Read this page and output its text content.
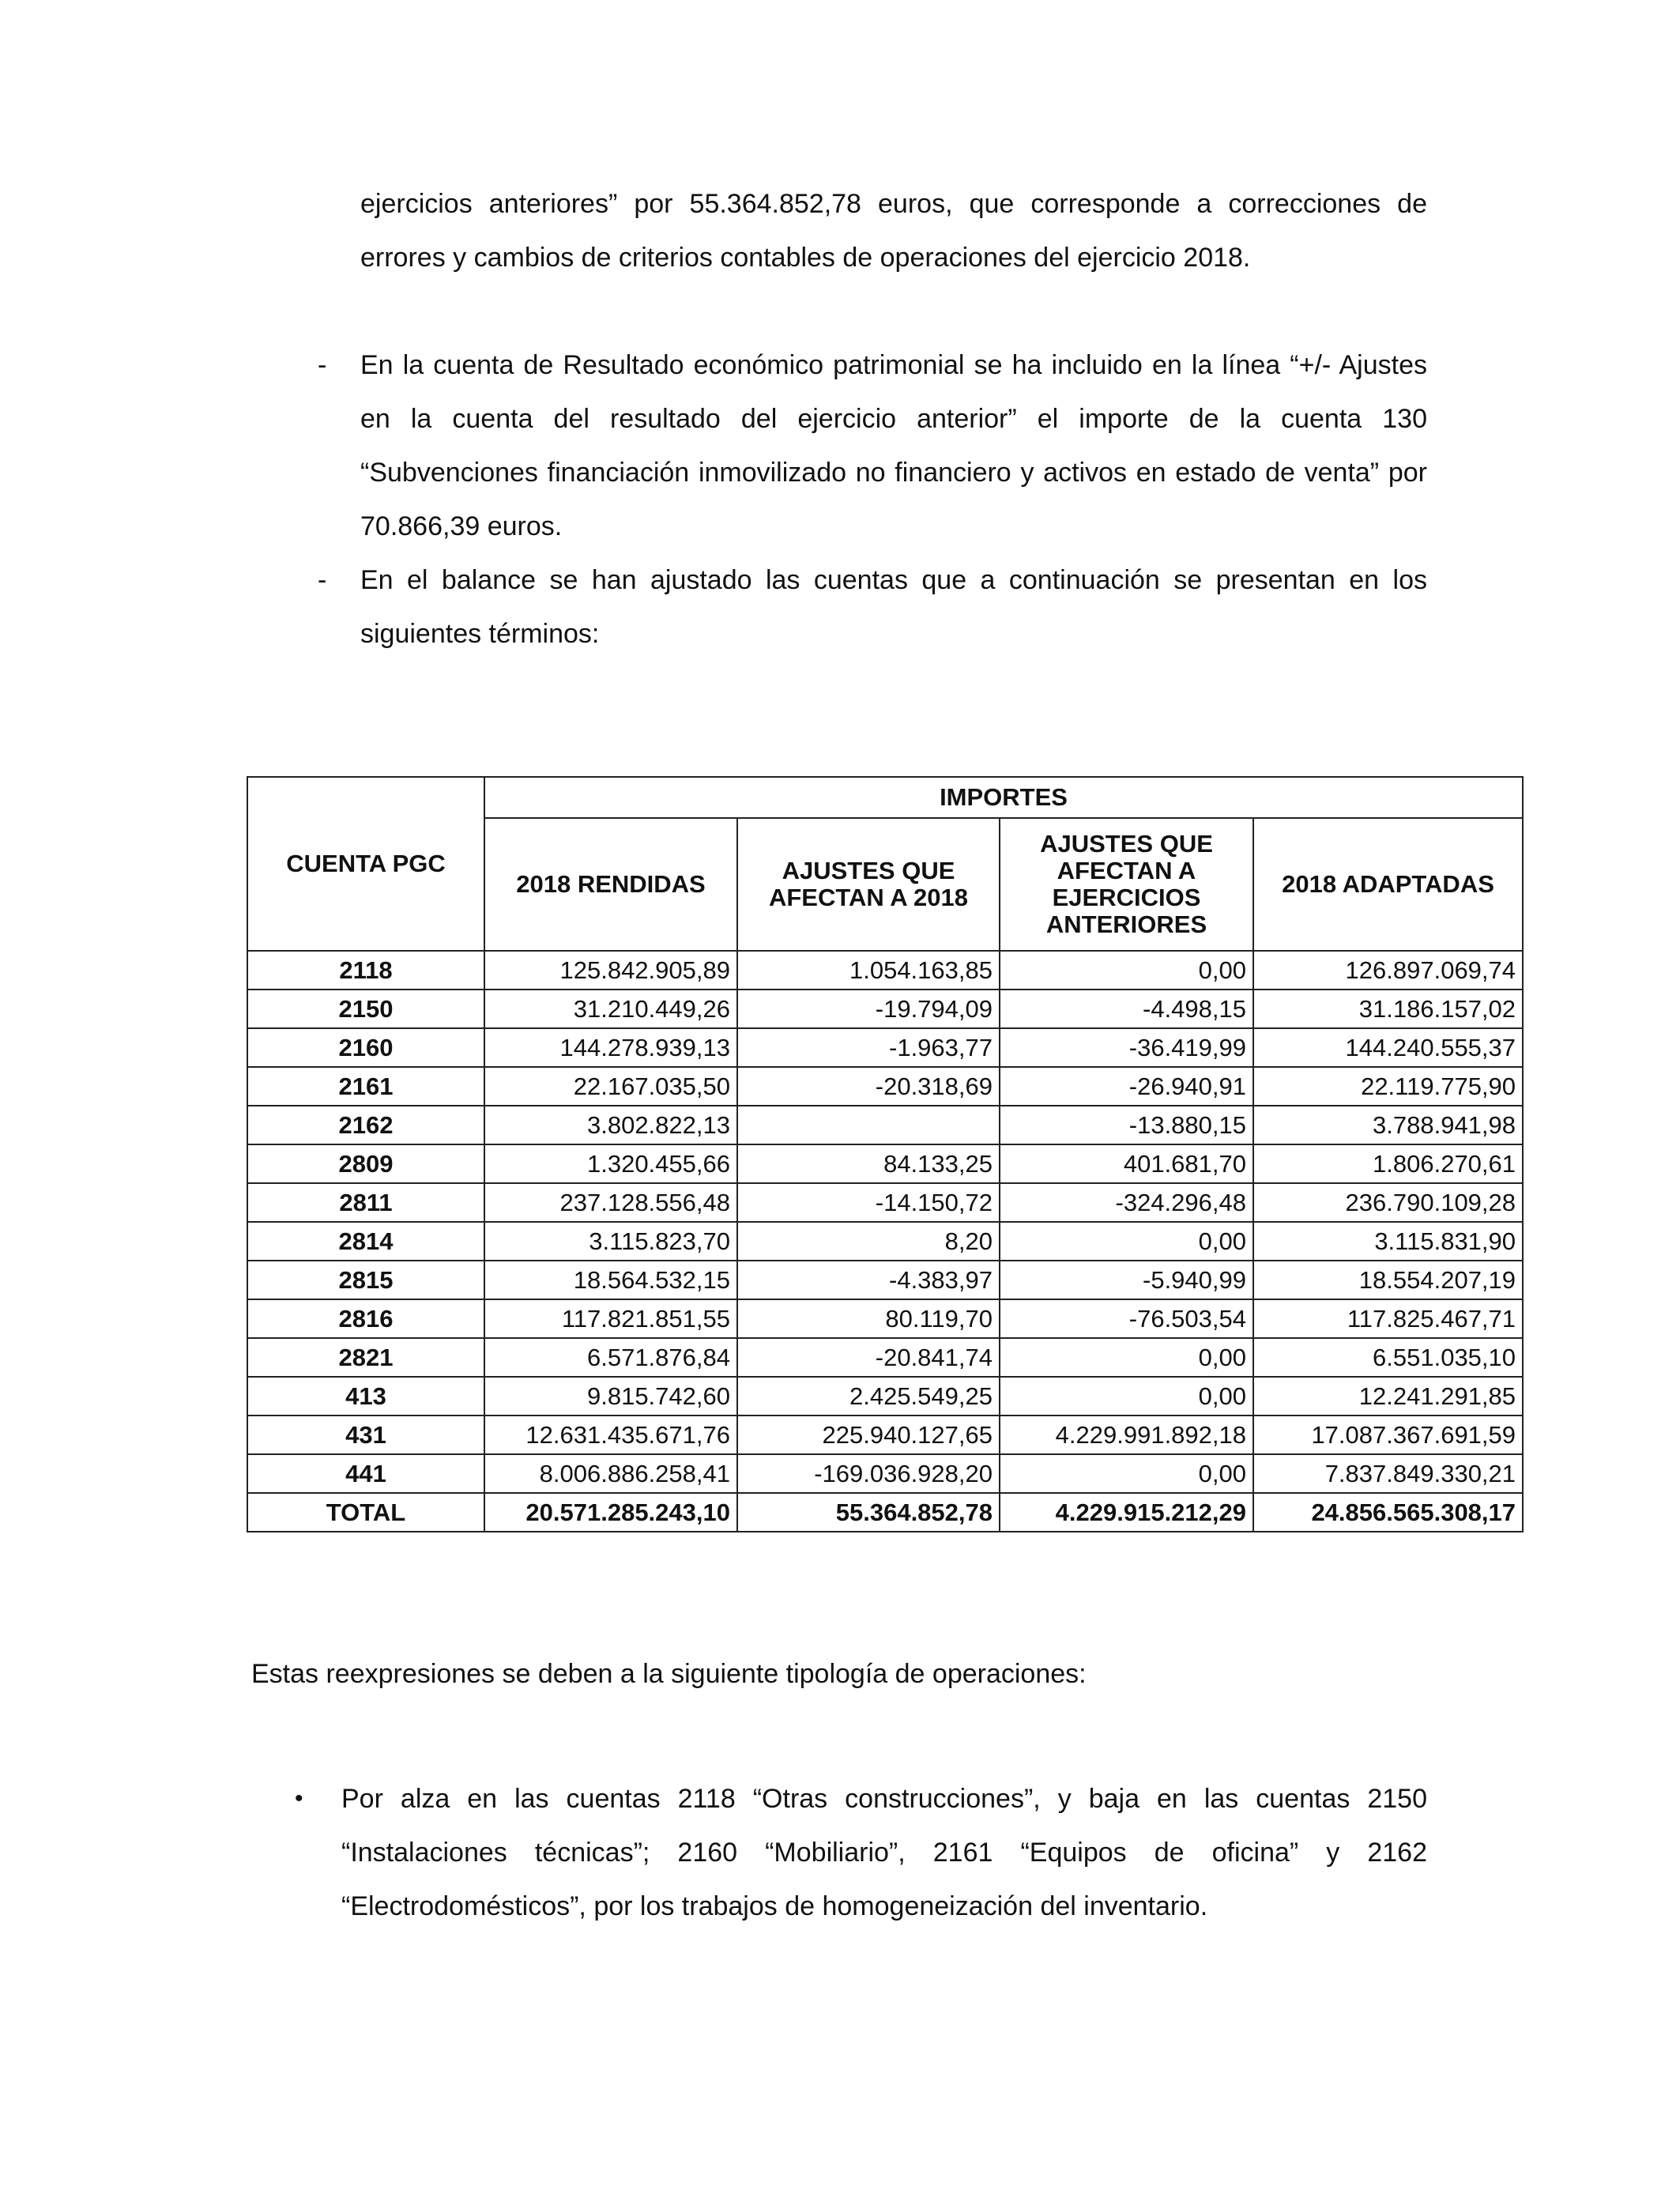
ejercicios anteriores” por 55.364.852,78 euros, que corresponde a correcciones de errores y cambios de criterios contables de operaciones del ejercicio 2018.

- En la cuenta de Resultado económico patrimonial se ha incluido en la línea “+/- Ajustes en la cuenta del resultado del ejercicio anterior” el importe de la cuenta 130 “Subvenciones financiación inmovilizado no financiero y activos en estado de venta” por 70.866,39 euros.

- En el balance se han ajustado las cuentas que a continuación se presentan en los siguientes términos:

CUENTA PGC	IMPORTES			
	2018 RENDIDAS	AJUSTES QUE AFECTAN A 2018	AJUSTES QUE AFECTAN A EJERCICIOS ANTERIORES	2018 ADAPTADAS
2118	125.842.905,89	1.054.163,85	0,00	126.897.069,74
2150	31.210.449,26	-19.794,09	-4.498,15	31.186.157,02
2160	144.278.939,13	-1.963,77	-36.419,99	144.240.555,37
2161	22.167.035,50	-20.318,69	-26.940,91	22.119.775,90
2162	3.802.822,13		-13.880,15	3.788.941,98
2809	1.320.455,66	84.133,25	401.681,70	1.806.270,61
2811	237.128.556,48	-14.150,72	-324.296,48	236.790.109,28
2814	3.115.823,70	8,20	0,00	3.115.831,90
2815	18.564.532,15	-4.383,97	-5.940,99	18.554.207,19
2816	117.821.851,55	80.119,70	-76.503,54	117.825.467,71
2821	6.571.876,84	-20.841,74	0,00	6.551.035,10
413	9.815.742,60	2.425.549,25	0,00	12.241.291,85
431	12.631.435.671,76	225.940.127,65	4.229.991.892,18	17.087.367.691,59
441	8.006.886.258,41	-169.036.928,20	0,00	7.837.849.330,21
TOTAL	20.571.285.243,10	55.364.852,78	4.229.915.212,29	24.856.565.308,17

Estas reexpresiones se deben a la siguiente tipología de operaciones:

• Por alza en las cuentas 2118 “Otras construcciones”, y baja en las cuentas 2150 “Instalaciones técnicas”; 2160 “Mobiliario”, 2161 “Equipos de oficina” y 2162 “Electrodomésticos”, por los trabajos de homogeneización del inventario.
